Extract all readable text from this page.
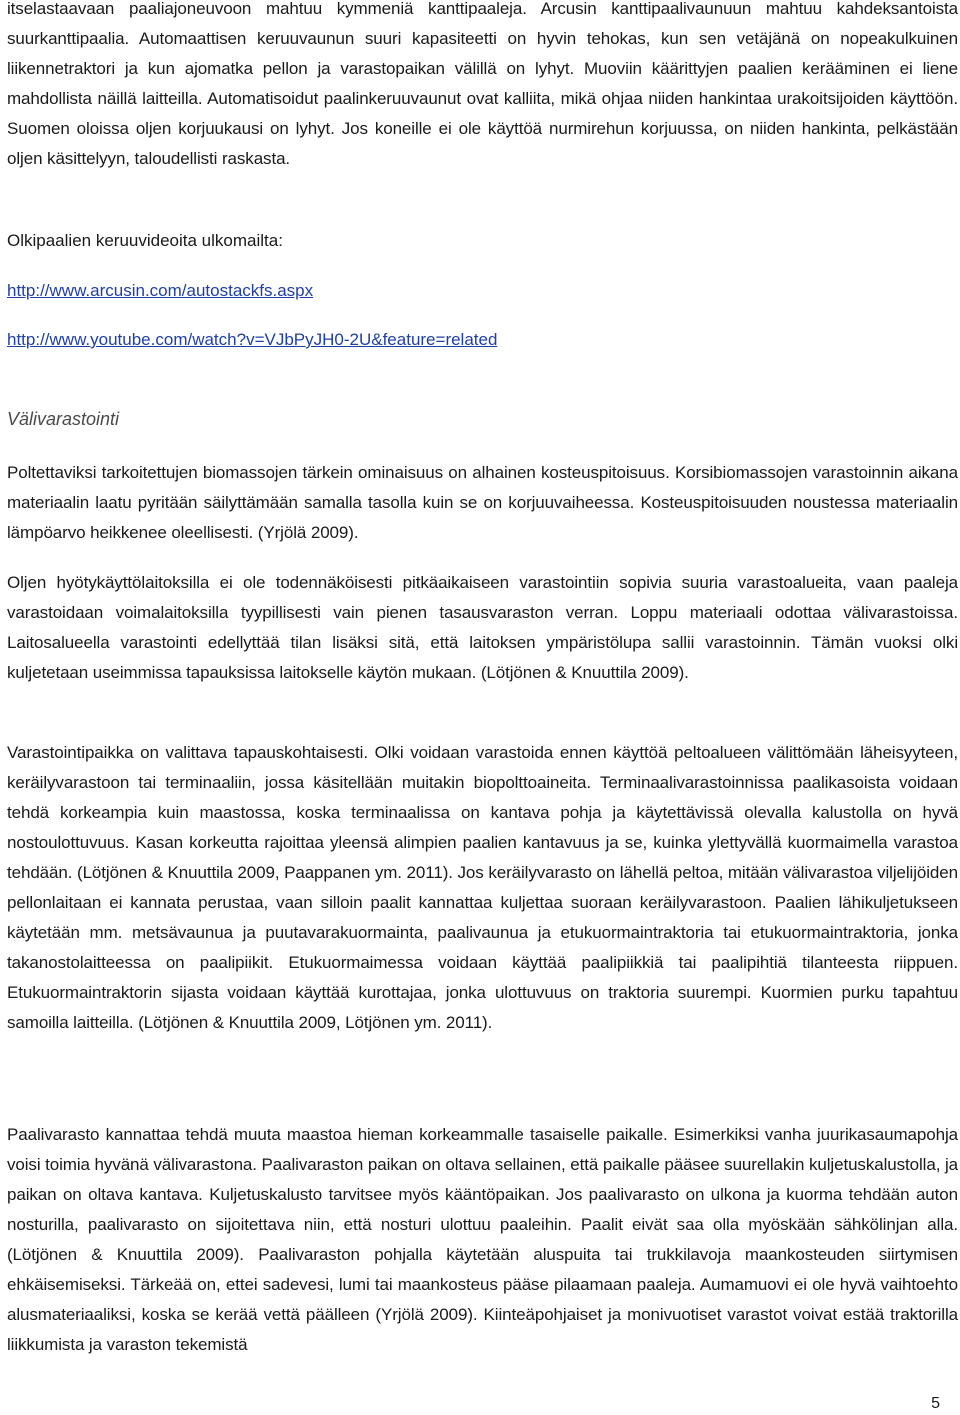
itselastaavaan paaliajoneuvoon mahtuu kymmeniä kanttipaaleja. Arcusin kanttipaalivaunuun mahtuu kahdeksantoista suurkanttipaalia. Automaattisen keruuvaunun suuri kapasiteetti on hyvin tehokas, kun sen vetäjänä on nopeakulkuinen liikennetraktori ja kun ajomatka pellon ja varastopaikan välillä on lyhyt. Muoviin käärittyjen paalien kerääminen ei liene mahdollista näillä laitteilla. Automatisoidut paalinkeruuvaunut ovat kalliita, mikä ohjaa niiden hankintaa urakoitsijoiden käyttöön. Suomen oloissa oljen korjuukausi on lyhyt. Jos koneille ei ole käyttöä nurmirehun korjuussa, on niiden hankinta, pelkästään oljen käsittelyyn, taloudellisti raskasta.

Olkipaalien keruuvideoita ulkomailta:

http://www.arcusin.com/autostackfs.aspx
http://www.youtube.com/watch?v=VJbPyJH0-2U&feature=related

Välivarastointi

Poltettaviksi tarkoitettujen biomassojen tärkein ominaisuus on alhainen kosteuspitoisuus. Korsibiomassojen varastoinnin aikana materiaalin laatu pyritään säilyttämään samalla tasolla kuin se on korjuuvaiheessa. Kosteuspitoisuuden noustessa materiaalin lämpöarvo heikkenee oleellisesti. (Yrjölä 2009).

Oljen hyötykäyttölaitoksilla ei ole todennäköisesti pitkäaikaiseen varastointiin sopivia suuria varastoalueita, vaan paaleja varastoidaan voimalaitoksilla tyypillisesti vain pienen tasausvaraston verran. Loppu materiaali odottaa välivarastoissa. Laitosalueella varastointi edellyttää tilan lisäksi sitä, että laitoksen ympäristölupa sallii varastoinnin. Tämän vuoksi olki kuljetetaan useimmissa tapauksissa laitokselle käytön mukaan. (Lötjönen & Knuuttila 2009).

Varastointipaikka on valittava tapauskohtaisesti. Olki voidaan varastoida ennen käyttöä peltoalueen välittömään läheisyyteen, keräilyvarastoon tai terminaaliin, jossa käsitellään muitakin biopolttoaineita. Terminaalivarastoinnissa paalikasoista voidaan tehdä korkeampia kuin maastossa, koska terminaalissa on kantava pohja ja käytettävissä olevalla kalustolla on hyvä nostoulottuvuus. Kasan korkeutta rajoittaa yleensä alimpien paalien kantavuus ja se, kuinka ylettyvällä kuormaimella varastoa tehdään. (Lötjönen & Knuuttila 2009, Paappanen ym. 2011). Jos keräilyvarasto on lähellä peltoa, mitään välivarastoa viljelijöiden pellonlaitaan ei kannata perustaa, vaan silloin paalit kannattaa kuljettaa suoraan keräilyvarastoon. Paalien lähikuljetukseen käytetään mm. metsävaunua ja puutavarakuormainta, paalivaunua ja etukuormaintraktoria tai etukuormaintraktoria, jonka takanostolaitteessa on paalipiikit. Etukuormaimessa voidaan käyttää paalipiikkiä tai paalipihtiä tilanteesta riippuen. Etukuormaintraktorin sijasta voidaan käyttää kurottajaa, jonka ulottuvuus on traktoria suurempi. Kuormien purku tapahtuu samoilla laitteilla. (Lötjönen & Knuuttila 2009, Lötjönen ym. 2011).

Paalivarasto kannattaa tehdä muuta maastoa hieman korkeammalle tasaiselle paikalle. Esimerkiksi vanha juurikasaumapohja voisi toimia hyvänä välivarastona. Paalivaraston paikan on oltava sellainen, että paikalle pääsee suurellakin kuljetuskalustolla, ja paikan on oltava kantava. Kuljetuskalusto tarvitsee myös kääntöpaikan. Jos paalivarasto on ulkona ja kuorma tehdään auton nosturilla, paalivarasto on sijoitettava niin, että nosturi ulottuu paaleihin. Paalit eivät saa olla myöskään sähkölinjan alla. (Lötjönen & Knuuttila 2009). Paalivaraston pohjalla käytetään aluspuita tai trukkilavoja maankosteuden siirtymisen ehkäisemiseksi. Tärkeää on, ettei sadevesi, lumi tai maankosteus pääse pilaamaan paaleja. Aumamuovi ei ole hyvä vaihtoehto alusmateriaaliksi, koska se kerää vettä päälleen (Yrjölä 2009). Kiinteäpohjaiset ja monivuotiset varastot voivat estää traktorilla liikkumista ja varaston tekemistä

5
